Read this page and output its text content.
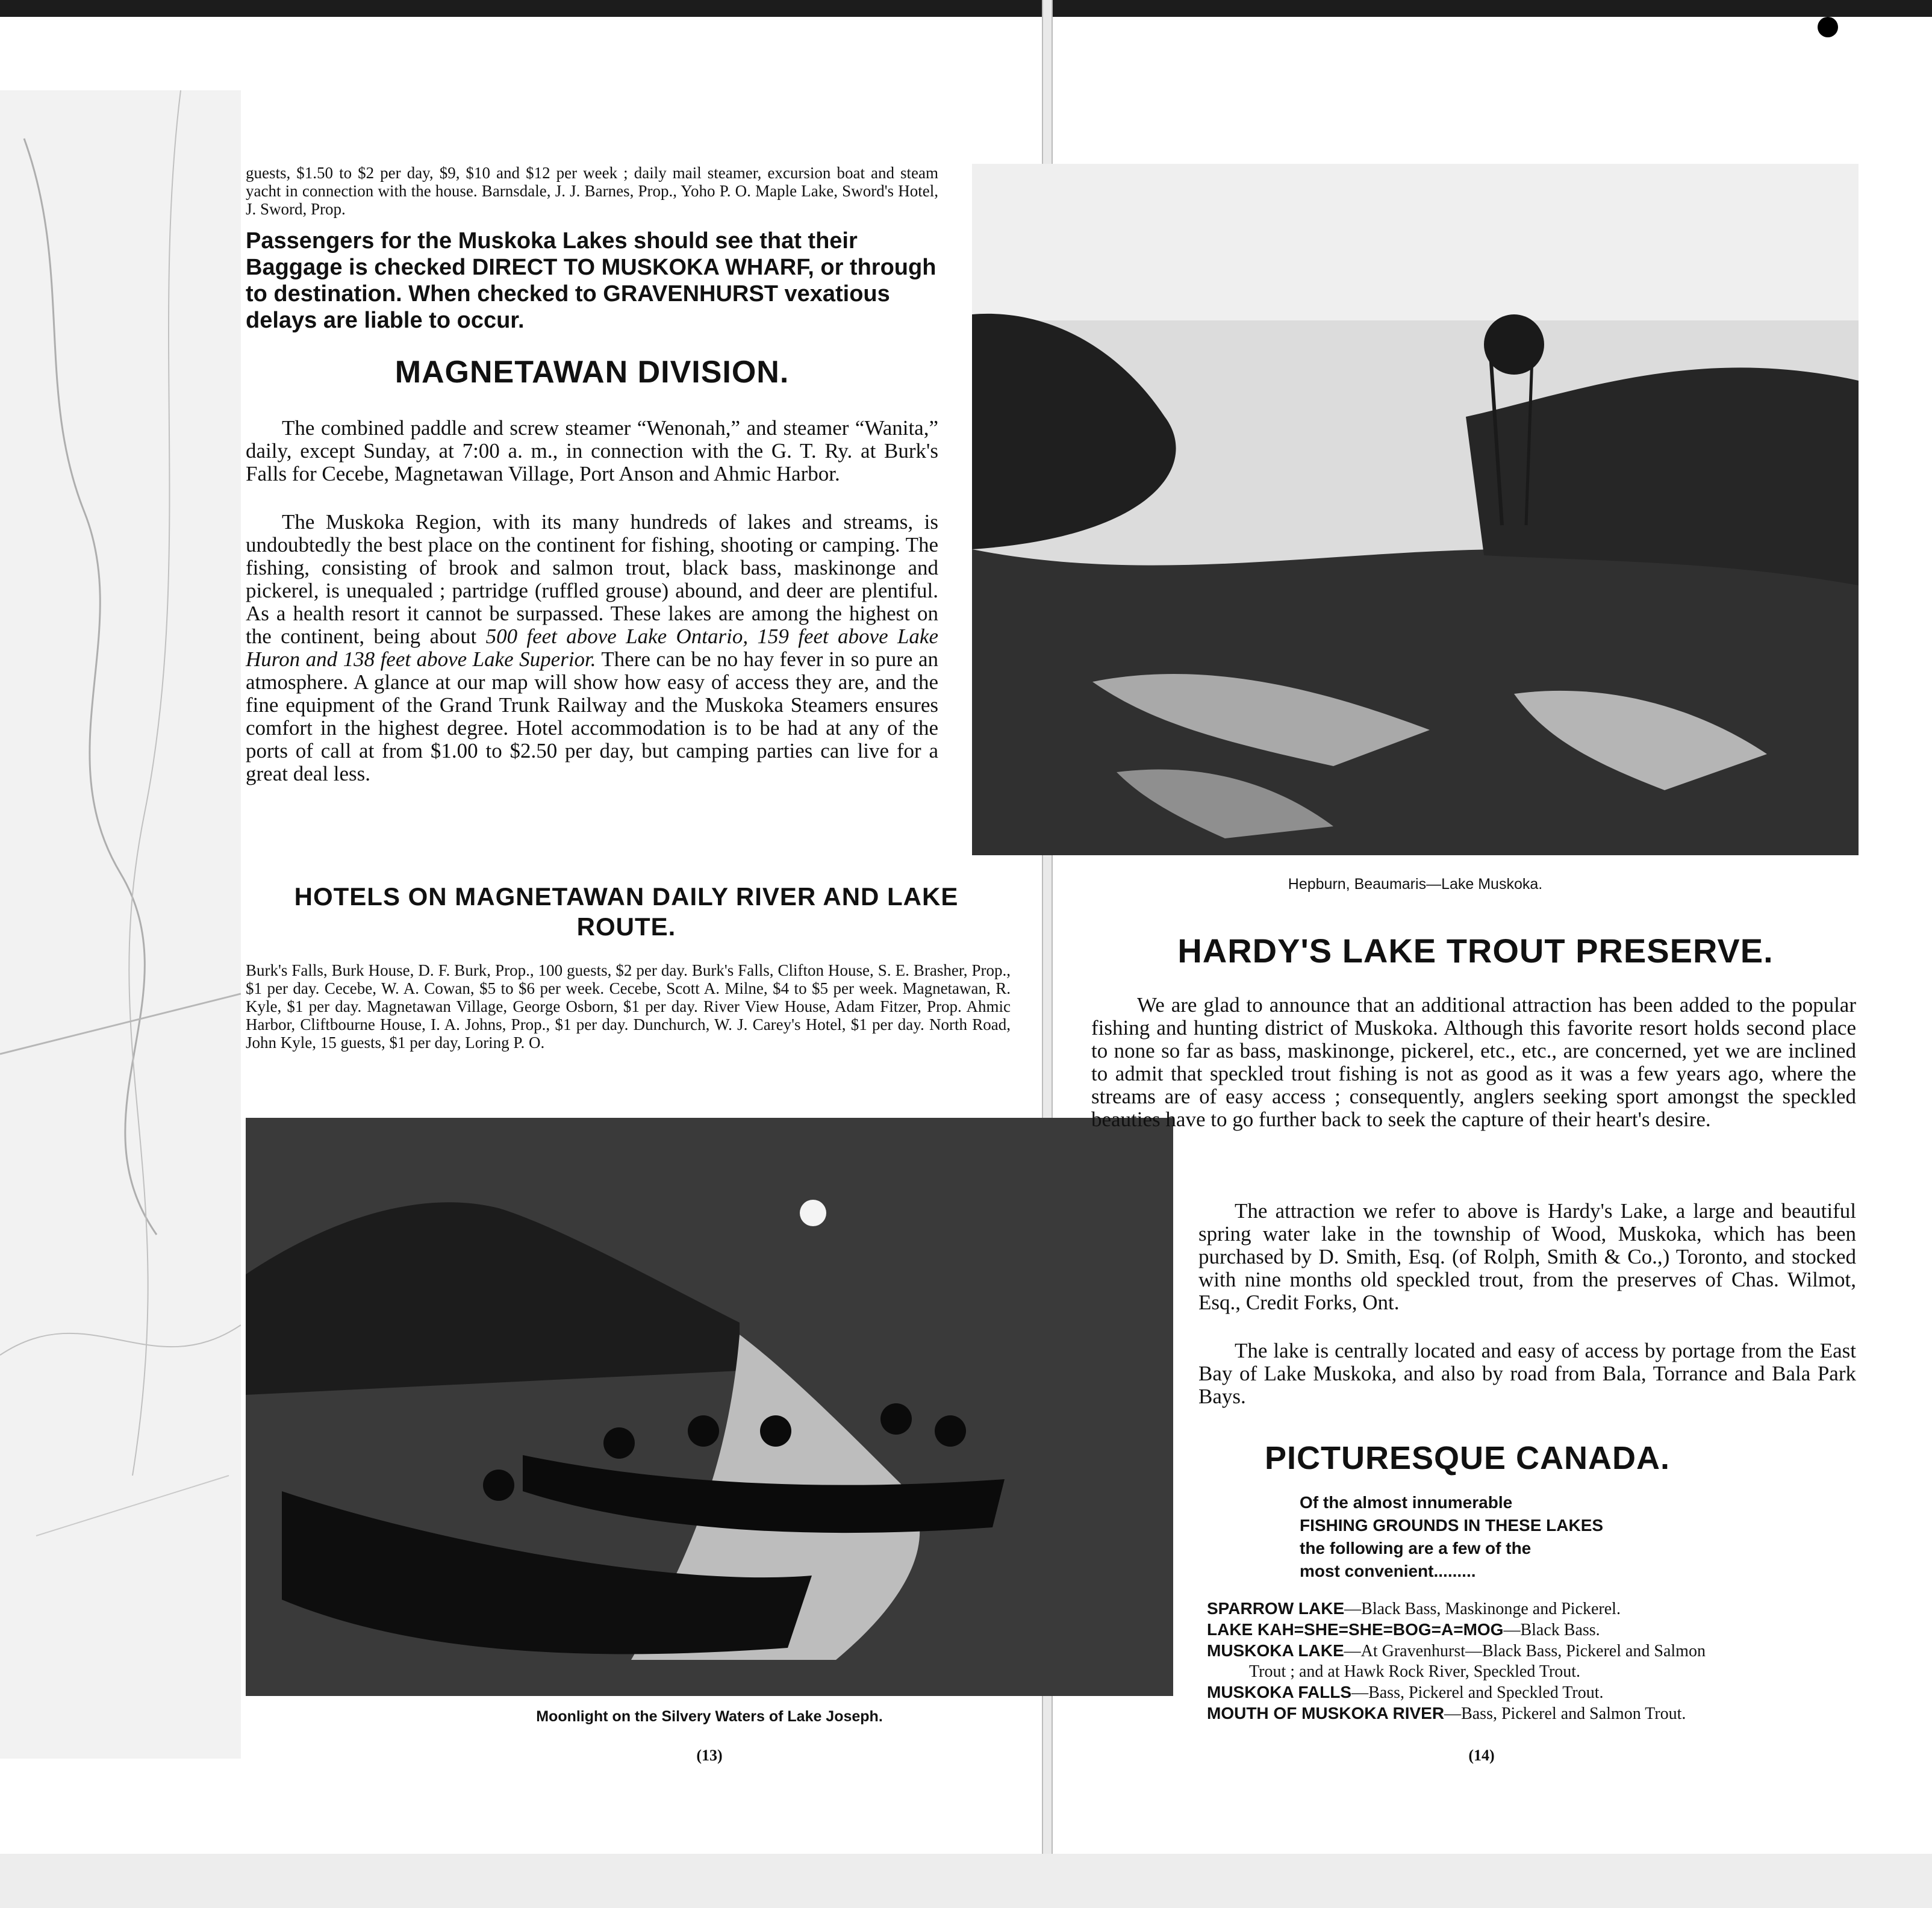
guests, $1.50 to $2 per day, $9, $10 and $12 per week ; daily mail steamer, excursion boat and steam yacht in connection with the house. Barnsdale, J. J. Barnes, Prop., Yoho P. O. Maple Lake, Sword's Hotel, J. Sword, Prop.

Passengers for the Muskoka Lakes should see that their Baggage is checked DIRECT TO MUSKOKA WHARF, or through to destination. When checked to GRAVENHURST vexatious delays are liable to occur.

MAGNETAWAN DIVISION.

The combined paddle and screw steamer “Wenonah,” and steamer “Wanita,” daily, except Sunday, at 7:00 a. m., in connection with the G. T. Ry. at Burk's Falls for Cecebe, Magnetawan Village, Port Anson and Ahmic Harbor.

The Muskoka Region, with its many hundreds of lakes and streams, is undoubtedly the best place on the continent for fishing, shooting or camping. The fishing, consisting of brook and salmon trout, black bass, maskinonge and pickerel, is unequaled ; partridge (ruffled grouse) abound, and deer are plentiful. As a health resort it cannot be surpassed. These lakes are among the highest on the continent, being about 500 feet above Lake Ontario, 159 feet above Lake Huron and 138 feet above Lake Superior. There can be no hay fever in so pure an atmosphere. A glance at our map will show how easy of access they are, and the fine equipment of the Grand Trunk Railway and the Muskoka Steamers ensures comfort in the highest degree. Hotel accommodation is to be had at any of the ports of call at from $1.00 to $2.50 per day, but camping parties can live for a great deal less.

HOTELS ON MAGNETAWAN DAILY RIVER AND LAKE ROUTE.

Burk's Falls, Burk House, D. F. Burk, Prop., 100 guests, $2 per day. Burk's Falls, Clifton House, S. E. Brasher, Prop., $1 per day. Cecebe, W. A. Cowan, $5 to $6 per week. Cecebe, Scott A. Milne, $4 to $5 per week. Magnetawan, R. Kyle, $1 per day. Magnetawan Village, George Osborn, $1 per day. River View House, Adam Fitzer, Prop. Ahmic Harbor, Cliftbourne House, I. A. Johns, Prop., $1 per day. Dunchurch, W. J. Carey's Hotel, $1 per day. North Road, John Kyle, 15 guests, $1 per day, Loring P. O.

Moonlight on the Silvery Waters of Lake Joseph.

(13)

Hepburn, Beaumaris—Lake Muskoka.

HARDY'S LAKE TROUT PRESERVE.

We are glad to announce that an additional attraction has been added to the popular fishing and hunting district of Muskoka. Although this favorite resort holds second place to none so far as bass, maskinonge, pickerel, etc., etc., are concerned, yet we are inclined to admit that speckled trout fishing is not as good as it was a few years ago, where the streams are of easy access ; consequently, anglers seeking sport amongst the speckled beauties have to go further back to seek the capture of their heart's desire.

The attraction we refer to above is Hardy's Lake, a large and beautiful spring water lake in the township of Wood, Muskoka, which has been purchased by D. Smith, Esq. (of Rolph, Smith & Co.,) Toronto, and stocked with nine months old speckled trout, from the preserves of Chas. Wilmot, Esq., Credit Forks, Ont.

The lake is centrally located and easy of access by portage from the East Bay of Lake Muskoka, and also by road from Bala, Torrance and Bala Park Bays.

PICTURESQUE CANADA.

Of the almost innumerable

FISHING GROUNDS IN THESE LAKES

the following are a few of the

most convenient.........

SPARROW LAKE—Black Bass, Maskinonge and Pickerel.

LAKE KAH=SHE=SHE=BOG=A=MOG—Black Bass.

MUSKOKA LAKE—At Gravenhurst—Black Bass, Pickerel and Salmon

Trout ; and at Hawk Rock River, Speckled Trout.

MUSKOKA FALLS—Bass, Pickerel and Speckled Trout.

MOUTH OF MUSKOKA RIVER—Bass, Pickerel and Salmon Trout.

(14)
